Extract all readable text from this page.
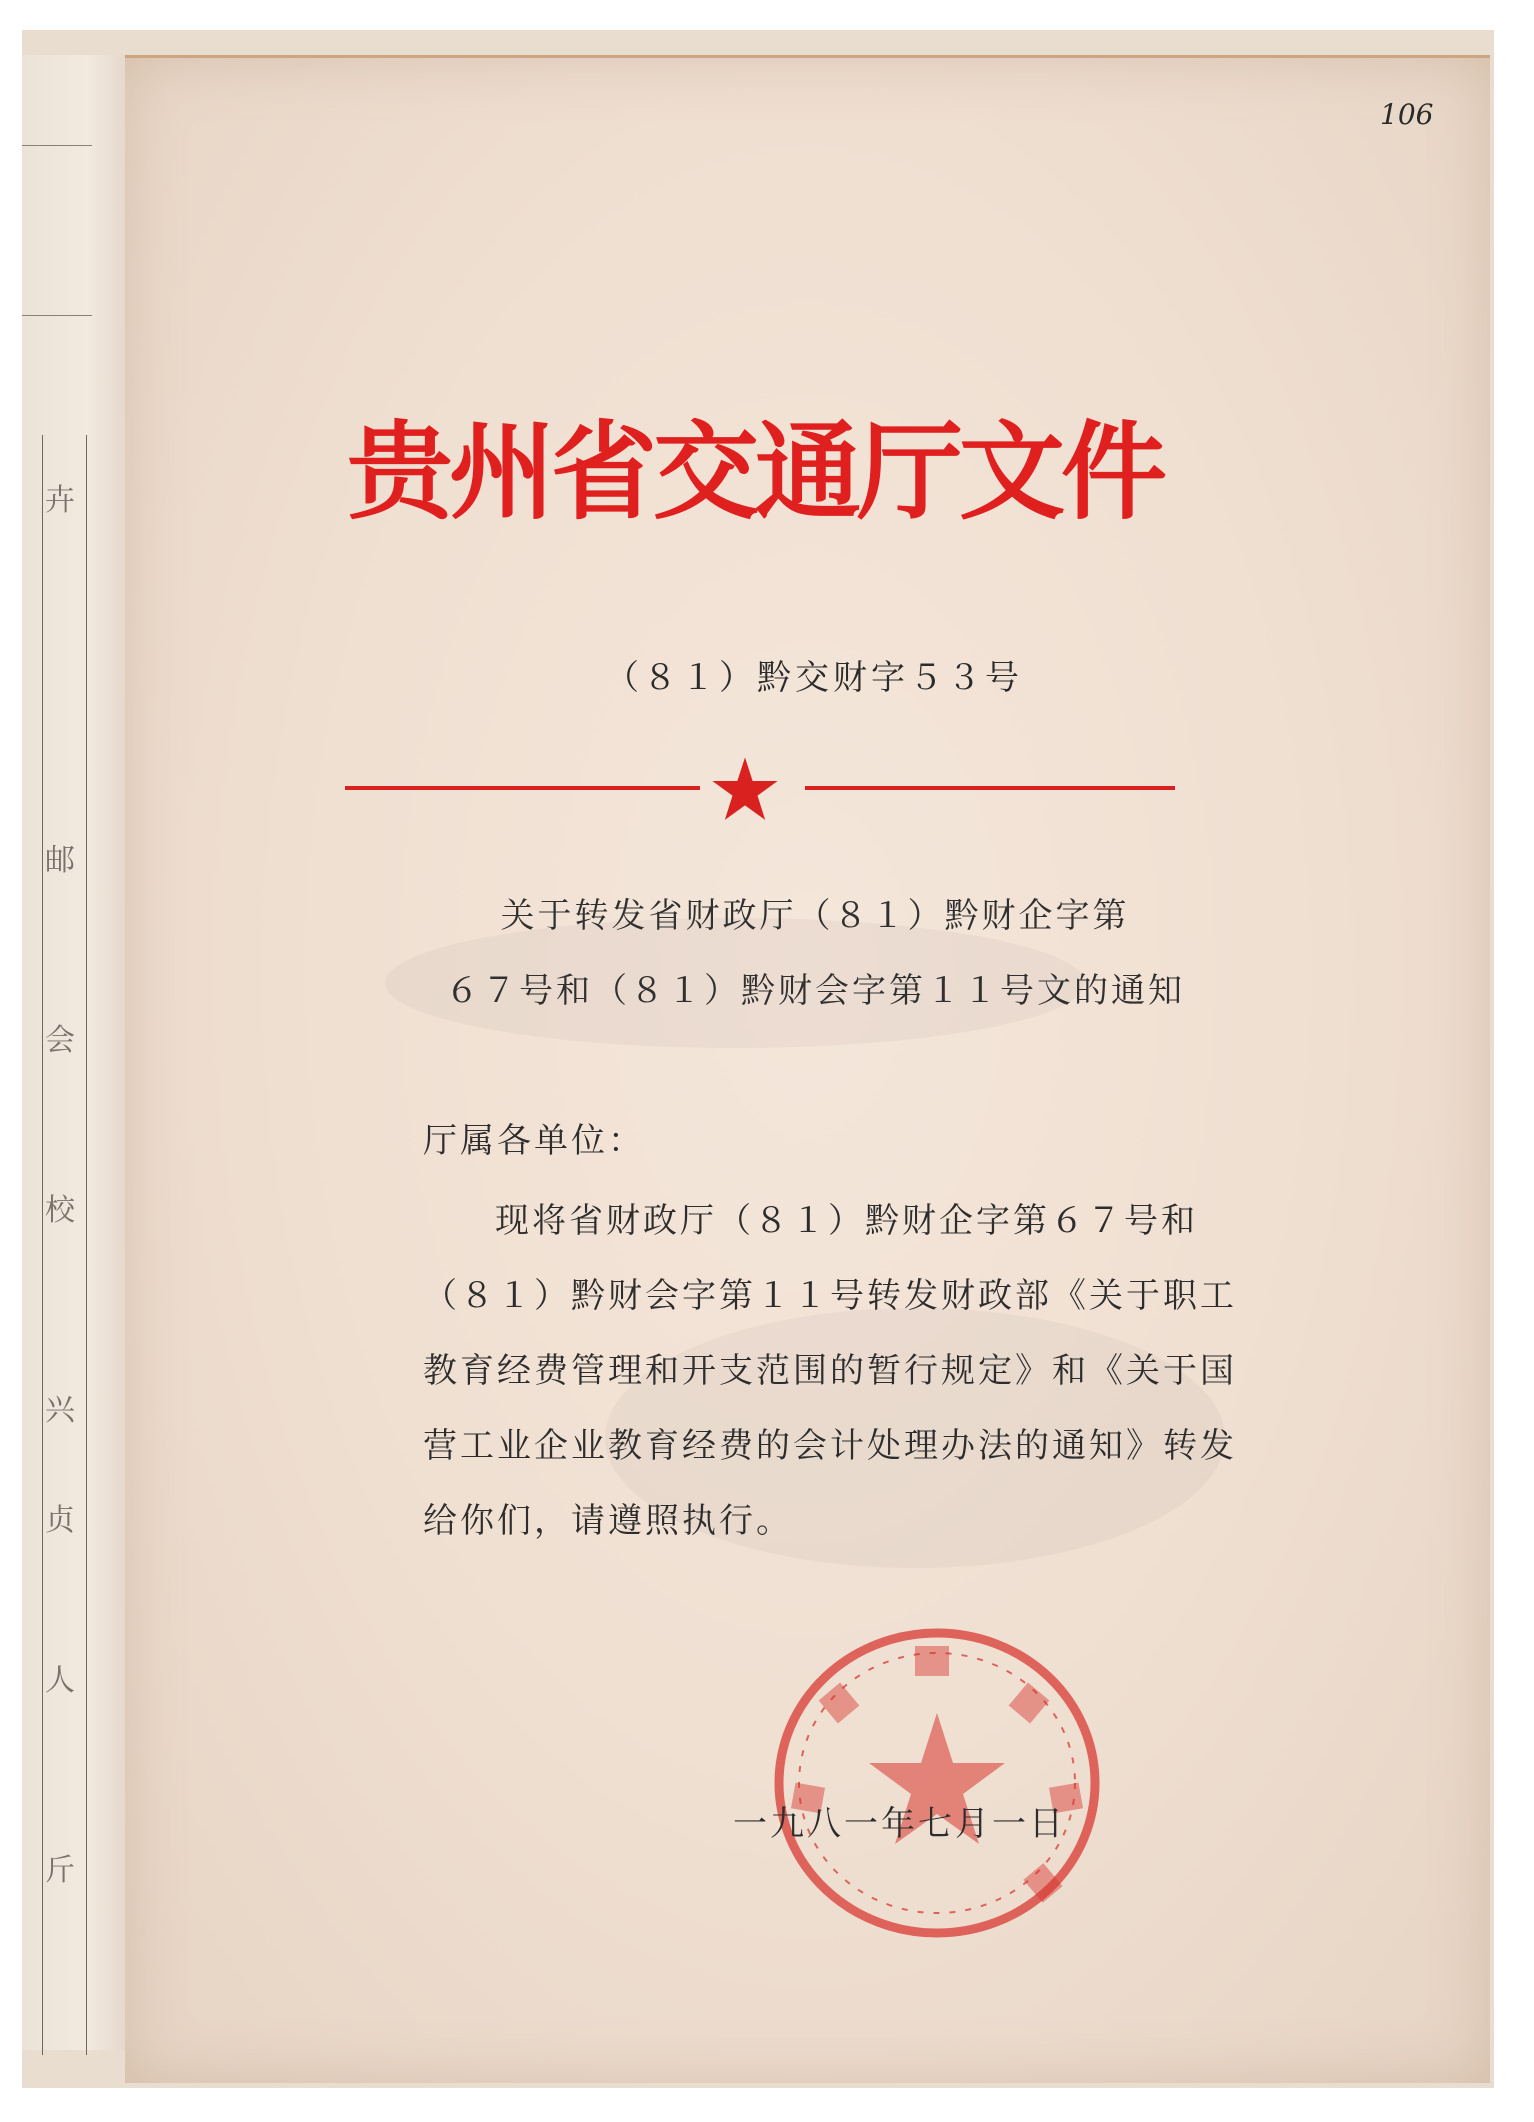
卉
邮
会
校
兴
贞
人
斤
106
贵州省交通厅文件
（８１）黔交财字５３号
关于转发省财政厅（８１）黔财企字第
６７号和（８１）黔财会字第１１号文的通知
厅属各单位：
现将省财政厅（８１）黔财企字第６７号和
（８１）黔财会字第１１号转发财政部《关于职工
教育经费管理和开支范围的暂行规定》和《关于国
营工业企业教育经费的会计处理办法的通知》转发
给你们，请遵照执行。
一九八一年七月一日
